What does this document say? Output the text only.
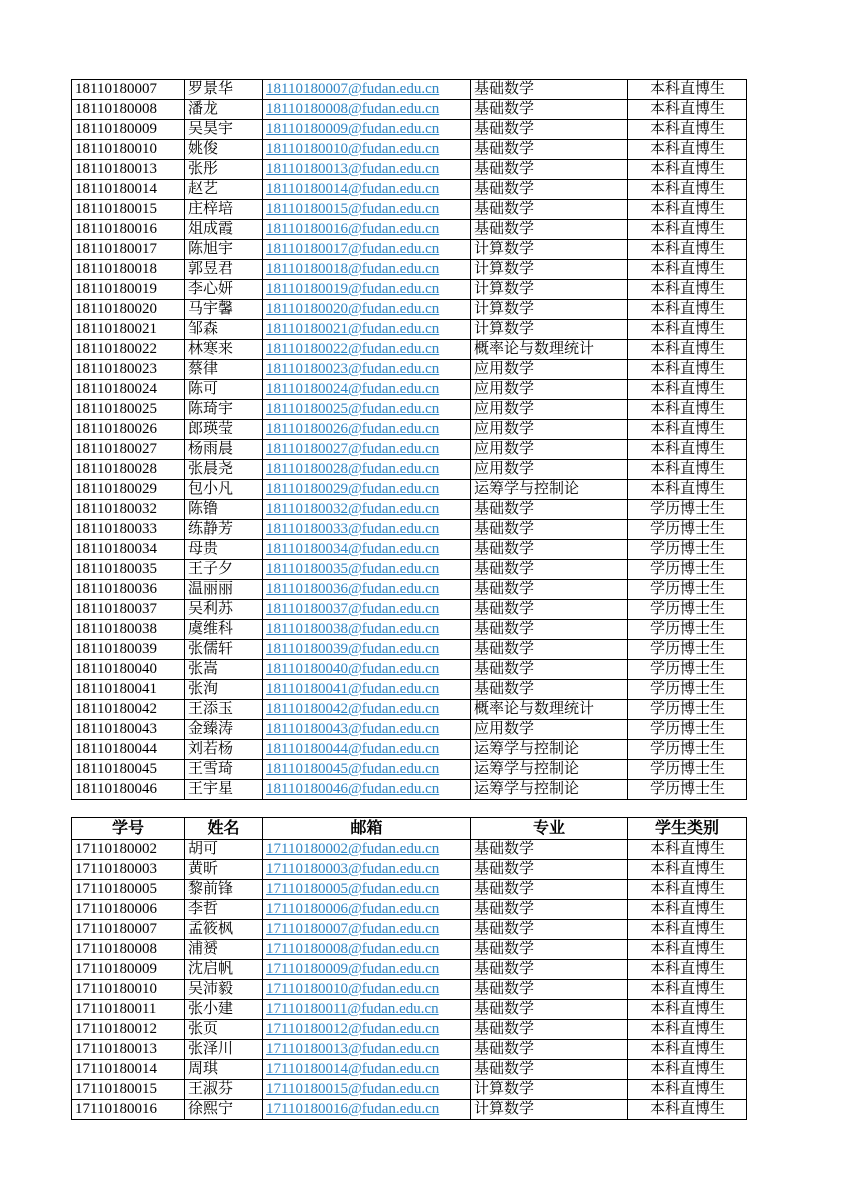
18110180007	罗景华	18110180007@fudan.edu.cn	基础数学	本科直博生
18110180008	潘龙	18110180008@fudan.edu.cn	基础数学	本科直博生
18110180009	吴昊宇	18110180009@fudan.edu.cn	基础数学	本科直博生
18110180010	姚俊	18110180010@fudan.edu.cn	基础数学	本科直博生
18110180013	张彤	18110180013@fudan.edu.cn	基础数学	本科直博生
18110180014	赵艺	18110180014@fudan.edu.cn	基础数学	本科直博生
18110180015	庄梓培	18110180015@fudan.edu.cn	基础数学	本科直博生
18110180016	俎成霞	18110180016@fudan.edu.cn	基础数学	本科直博生
18110180017	陈旭宇	18110180017@fudan.edu.cn	计算数学	本科直博生
18110180018	郭昱君	18110180018@fudan.edu.cn	计算数学	本科直博生
18110180019	李心妍	18110180019@fudan.edu.cn	计算数学	本科直博生
18110180020	马宇馨	18110180020@fudan.edu.cn	计算数学	本科直博生
18110180021	邹森	18110180021@fudan.edu.cn	计算数学	本科直博生
18110180022	林寒来	18110180022@fudan.edu.cn	概率论与数理统计	本科直博生
18110180023	蔡律	18110180023@fudan.edu.cn	应用数学	本科直博生
18110180024	陈可	18110180024@fudan.edu.cn	应用数学	本科直博生
18110180025	陈琦宇	18110180025@fudan.edu.cn	应用数学	本科直博生
18110180026	郎瑛莹	18110180026@fudan.edu.cn	应用数学	本科直博生
18110180027	杨雨晨	18110180027@fudan.edu.cn	应用数学	本科直博生
18110180028	张晨尧	18110180028@fudan.edu.cn	应用数学	本科直博生
18110180029	包小凡	18110180029@fudan.edu.cn	运筹学与控制论	本科直博生
18110180032	陈镥	18110180032@fudan.edu.cn	基础数学	学历博士生
18110180033	练静芳	18110180033@fudan.edu.cn	基础数学	学历博士生
18110180034	母贵	18110180034@fudan.edu.cn	基础数学	学历博士生
18110180035	王子夕	18110180035@fudan.edu.cn	基础数学	学历博士生
18110180036	温丽丽	18110180036@fudan.edu.cn	基础数学	学历博士生
18110180037	吴利苏	18110180037@fudan.edu.cn	基础数学	学历博士生
18110180038	虞维科	18110180038@fudan.edu.cn	基础数学	学历博士生
18110180039	张儒轩	18110180039@fudan.edu.cn	基础数学	学历博士生
18110180040	张嵩	18110180040@fudan.edu.cn	基础数学	学历博士生
18110180041	张洵	18110180041@fudan.edu.cn	基础数学	学历博士生
18110180042	王添玉	18110180042@fudan.edu.cn	概率论与数理统计	学历博士生
18110180043	金臻涛	18110180043@fudan.edu.cn	应用数学	学历博士生
18110180044	刘若杨	18110180044@fudan.edu.cn	运筹学与控制论	学历博士生
18110180045	王雪琦	18110180045@fudan.edu.cn	运筹学与控制论	学历博士生
18110180046	王宇星	18110180046@fudan.edu.cn	运筹学与控制论	学历博士生
学号	姓名	邮箱	专业	学生类别
17110180002	胡可	17110180002@fudan.edu.cn	基础数学	本科直博生
17110180003	黄昕	17110180003@fudan.edu.cn	基础数学	本科直博生
17110180005	黎前锋	17110180005@fudan.edu.cn	基础数学	本科直博生
17110180006	李哲	17110180006@fudan.edu.cn	基础数学	本科直博生
17110180007	孟筱枫	17110180007@fudan.edu.cn	基础数学	本科直博生
17110180008	浦赟	17110180008@fudan.edu.cn	基础数学	本科直博生
17110180009	沈启帆	17110180009@fudan.edu.cn	基础数学	本科直博生
17110180010	吴沛毅	17110180010@fudan.edu.cn	基础数学	本科直博生
17110180011	张小建	17110180011@fudan.edu.cn	基础数学	本科直博生
17110180012	张页	17110180012@fudan.edu.cn	基础数学	本科直博生
17110180013	张泽川	17110180013@fudan.edu.cn	基础数学	本科直博生
17110180014	周琪	17110180014@fudan.edu.cn	基础数学	本科直博生
17110180015	王淑芬	17110180015@fudan.edu.cn	计算数学	本科直博生
17110180016	徐熙宁	17110180016@fudan.edu.cn	计算数学	本科直博生
